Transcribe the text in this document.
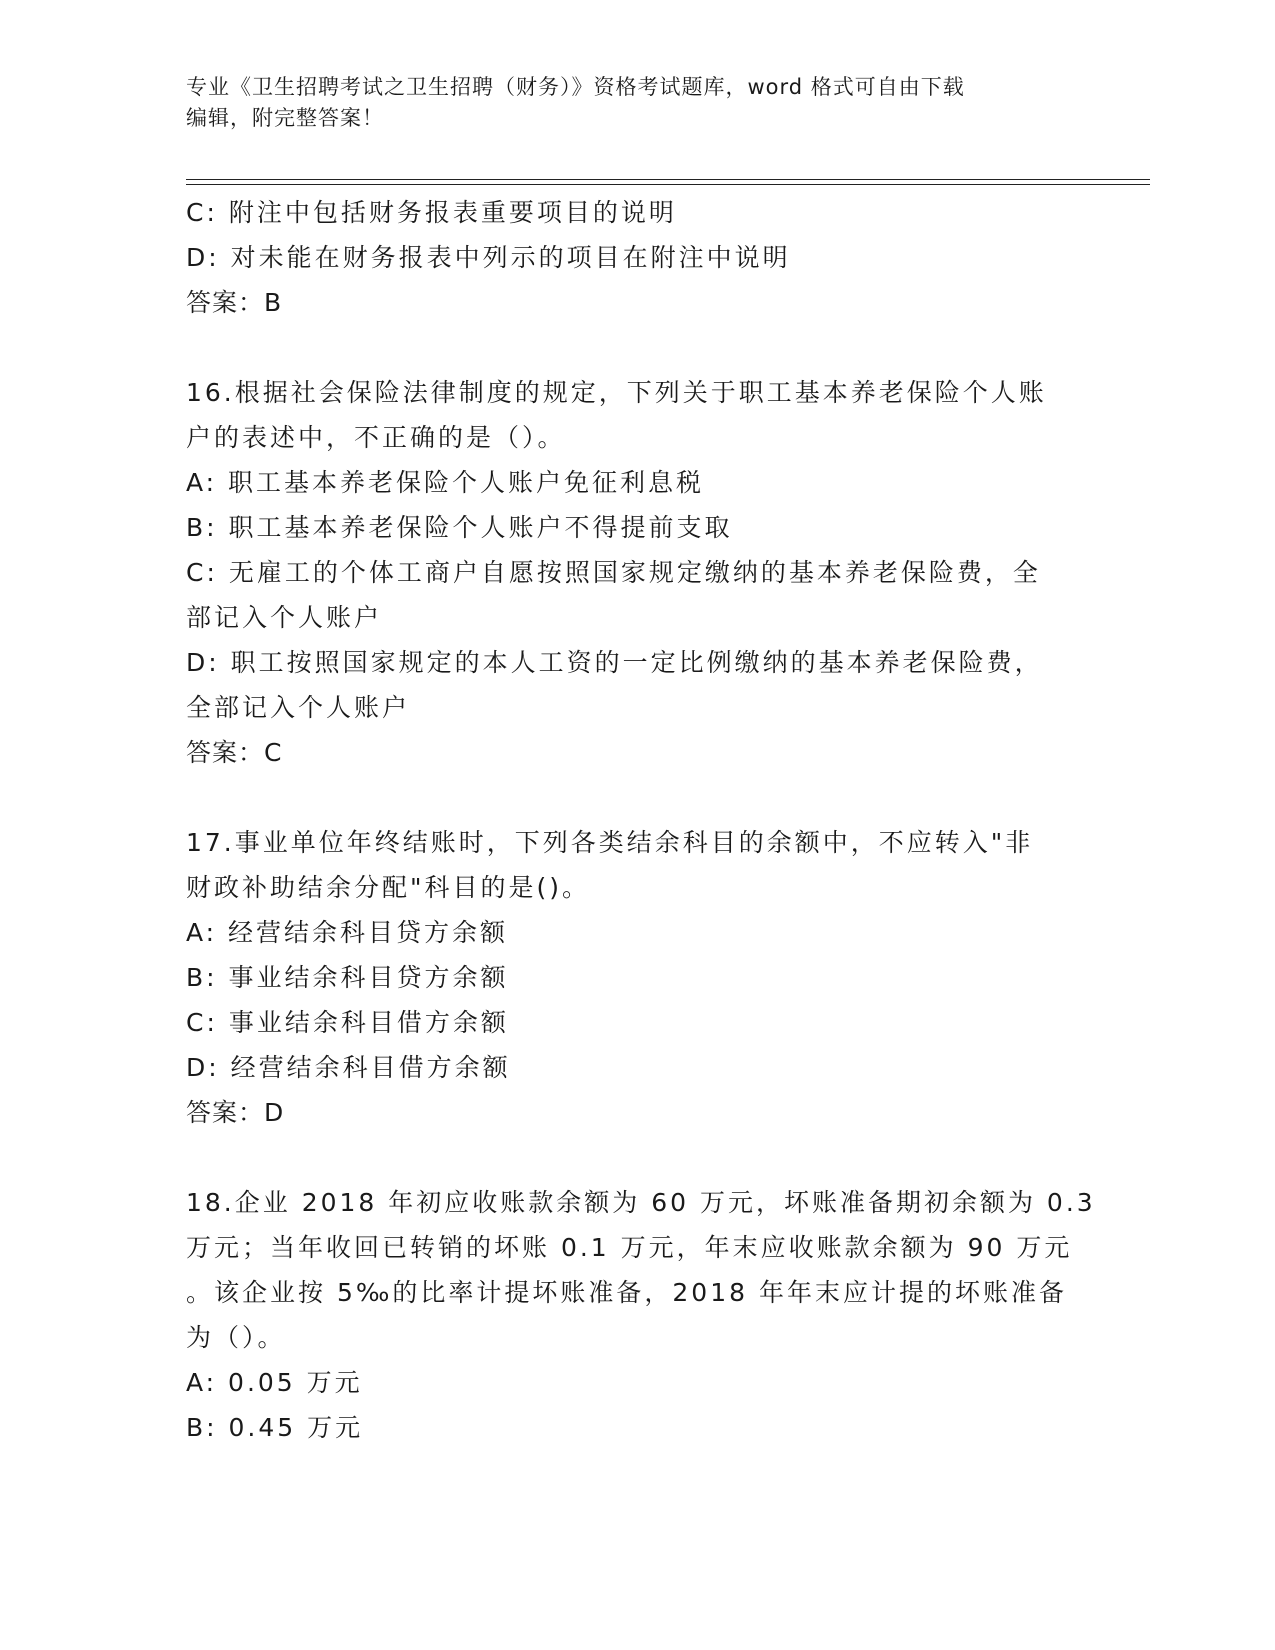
专业《卫生招聘考试之卫生招聘（财务）》资格考试题库，word 格式可自由下载
编辑，附完整答案！
C: 附注中包括财务报表重要项目的说明
D: 对未能在财务报表中列示的项目在附注中说明
答案：B
16.根据社会保险法律制度的规定，下列关于职工基本养老保险个人账
户的表述中，不正确的是（）。
A: 职工基本养老保险个人账户免征利息税
B: 职工基本养老保险个人账户不得提前支取
C: 无雇工的个体工商户自愿按照国家规定缴纳的基本养老保险费，全
部记入个人账户
D: 职工按照国家规定的本人工资的一定比例缴纳的基本养老保险费，
全部记入个人账户
答案：C
17.事业单位年终结账时，下列各类结余科目的余额中，不应转入"非
财政补助结余分配"科目的是()。
A: 经营结余科目贷方余额
B: 事业结余科目贷方余额
C: 事业结余科目借方余额
D: 经营结余科目借方余额
答案：D
18.企业 2018 年初应收账款余额为 60 万元，坏账准备期初余额为 0.3
万元；当年收回已转销的坏账 0.1 万元，年末应收账款余额为 90 万元
。该企业按 5‰的比率计提坏账准备，2018 年年末应计提的坏账准备
为（）。
A: 0.05 万元
B: 0.45 万元
